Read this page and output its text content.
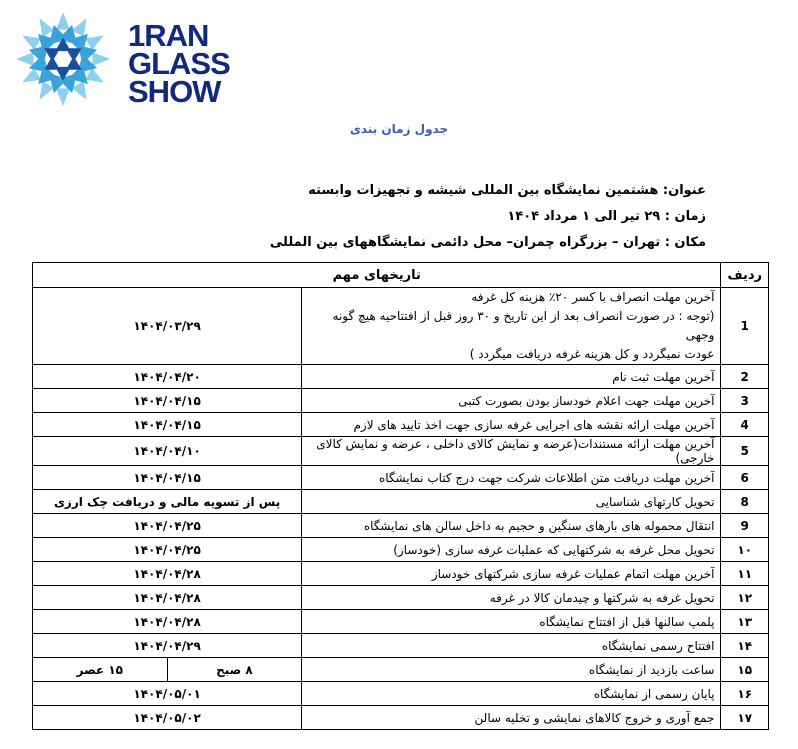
1RAN
GLASS
SHOW
جدول زمان بندی
عنوان: هشتمین نمایشگاه بین المللی شیشه و تجهیزات وابسته
زمان : ۲۹ تیر الی ۱ مرداد ۱۴۰۴
مکان : تهران – بزرگراه چمران– محل دائمی نمایشگاههای بین المللی
ردیف	تاریخهای مهم		
1	آخرین مهلت انصراف با کسر ۲۰٪ هزینه کل غرفه
(توجه : در صورت انصراف بعد از این تاریخ و ۳۰ روز قبل از افتتاحیه هیچ گونه وجهی
عودت نمیگردد و کل هزینه غرفه دریافت میگردد )	۱۴۰۴/۰۳/۲۹	
2	آخرین مهلت ثبت نام	۱۴۰۴/۰۴/۲۰	
3	آخرین مهلت جهت اعلام خودساز بودن بصورت کتبی	۱۴۰۴/۰۴/۱۵	
4	آخرین مهلت ارائه نقشه های اجرایی غرفه سازی جهت اخذ تایید های لازم	۱۴۰۴/۰۴/۱۵	
5	آخرین مهلت ارائه مستندات(عرضه و نمایش کالای داخلی ، عرضه و نمایش کالای خارجی)	۱۴۰۴/۰۴/۱۰	
6	آخرین مهلت دریافت متن اطلاعات شرکت جهت درج کتاب نمایشگاه	۱۴۰۴/۰۴/۱۵	
8	تحویل کارتهای شناسایی	پس از تسویه مالی و دریافت چک ارزی	
9	انتقال محموله های بارهای سنگین و حجیم به داخل سالن های نمایشگاه	۱۴۰۴/۰۴/۲۵	
۱۰	تحویل محل غرفه به شرکتهایی که عملیات غرفه سازی (خودساز)	۱۴۰۴/۰۴/۲۵	
۱۱	آخرین مهلت اتمام عملیات غرفه سازی شرکتهای خودساز	۱۴۰۴/۰۴/۲۸	
۱۲	تحویل غرفه به شرکتها و چیدمان کالا در غرفه	۱۴۰۴/۰۴/۲۸	
۱۳	پلمپ سالنها قبل از افتتاح نمایشگاه	۱۴۰۴/۰۴/۲۸	
۱۴	افتتاح رسمی نمایشگاه	۱۴۰۴/۰۴/۲۹	
۱۵	ساعت بازدید از نمایشگاه	۸ صبح	۱۵ عصر
۱۶	پایان رسمی از نمایشگاه	۱۴۰۴/۰۵/۰۱	
۱۷	جمع آوری و خروج کالاهای نمایشی و تخلیه سالن	۱۴۰۴/۰۵/۰۲	
